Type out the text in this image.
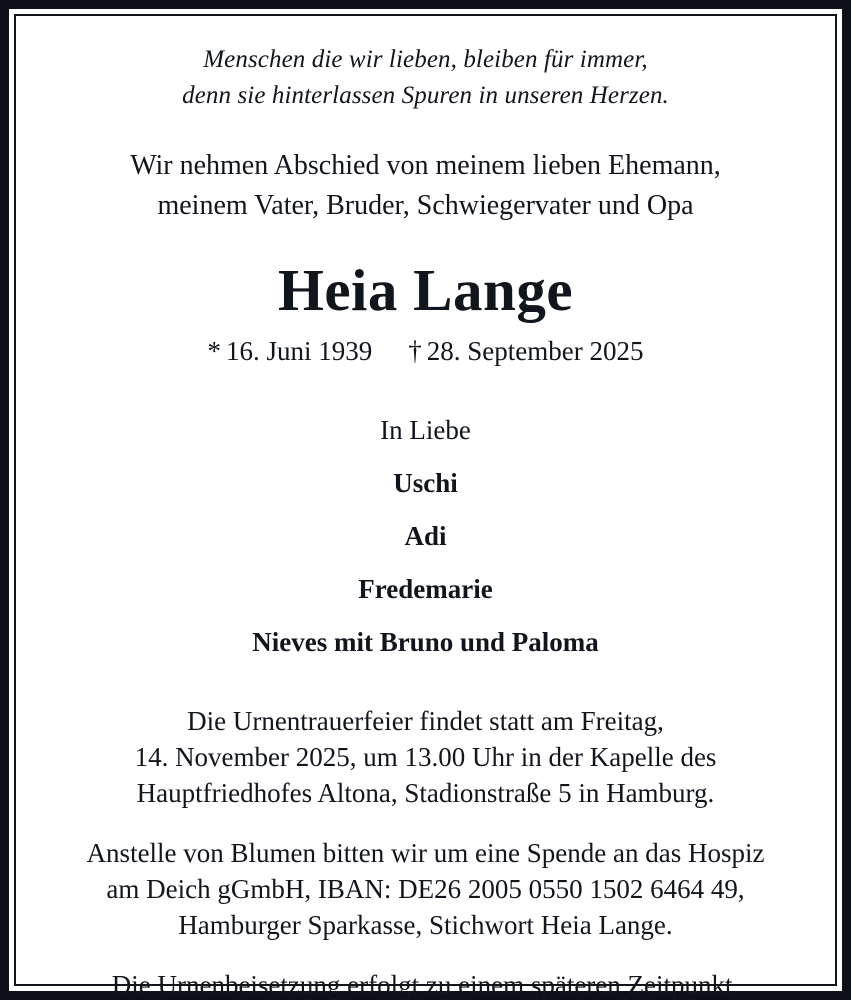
Menschen die wir lieben, bleiben für immer,
denn sie hinterlassen Spuren in unseren Herzen.
Wir nehmen Abschied von meinem lieben Ehemann,
meinem Vater, Bruder, Schwiegervater und Opa
Heia Lange
* 16. Juni 1939 † 28. September 2025
In Liebe
Uschi
Adi
Fredemarie
Nieves mit Bruno und Paloma
Die Urnentrauerfeier findet statt am Freitag,
14. November 2025, um 13.00 Uhr in der Kapelle des
Hauptfriedhofes Altona, Stadionstraße 5 in Hamburg.
Anstelle von Blumen bitten wir um eine Spende an das Hospiz
am Deich gGmbH, IBAN: DE26 2005 0550 1502 6464 49,
Hamburger Sparkasse, Stichwort Heia Lange.
Die Urnenbeisetzung erfolgt zu einem späteren Zeitpunkt.
